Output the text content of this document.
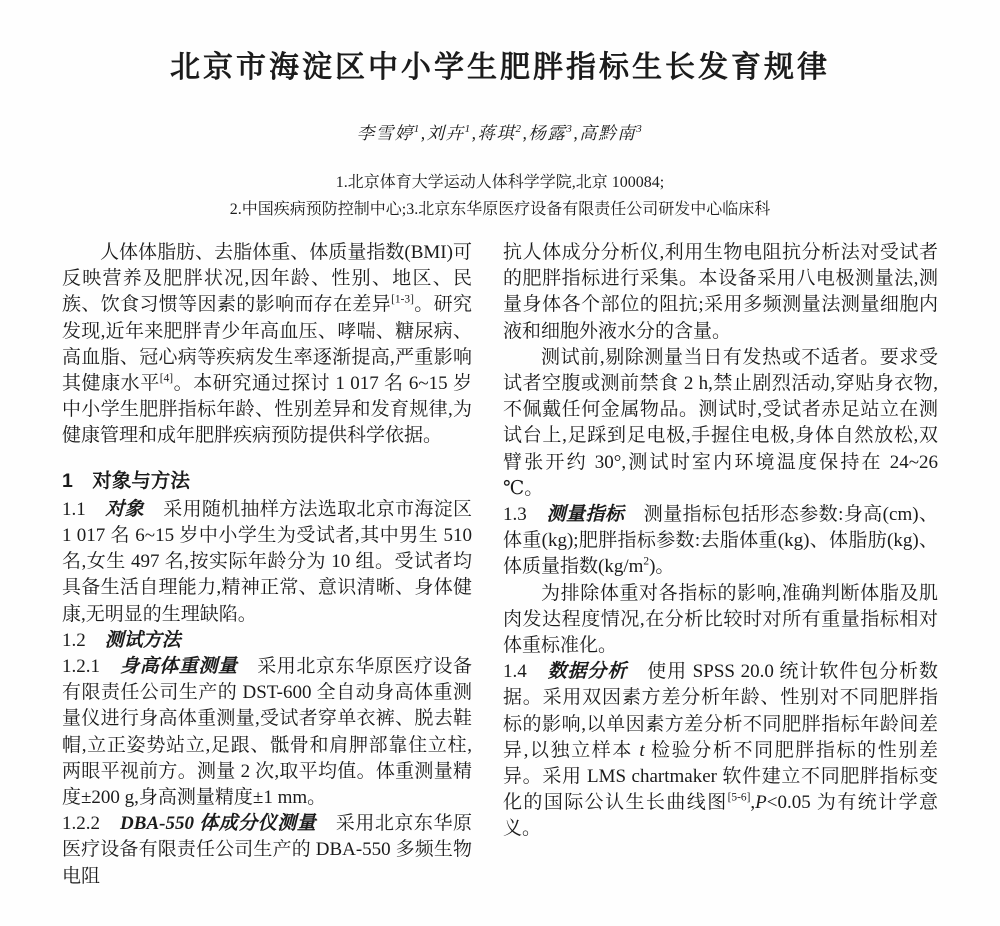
北京市海淀区中小学生肥胖指标生长发育规律
李雪婷$^1$,刘卉$^1$,蒋琪$^2$,杨露$^3$,高黔南$^3$
1.北京体育大学运动人体科学学院,北京 100084;
2.中国疾病预防控制中心;3.北京东华原医疗设备有限责任公司研发中心临床科
人体体脂肪、去脂体重、体质量指数(BMI)可反映营养及肥胖状况,因年龄、性别、地区、民族、饮食习惯等因素的影响而存在差异[1-3]。研究发现,近年来肥胖青少年高血压、哮喘、糖尿病、高血脂、冠心病等疾病发生率逐渐提高,严重影响其健康水平[4]。本研究通过探讨 1 017 名 6~15 岁中小学生肥胖指标年龄、性别差异和发育规律,为健康管理和成年肥胖疾病预防提供科学依据。
1　对象与方法
1.1　对象　采用随机抽样方法选取北京市海淀区 1 017 名 6~15 岁中小学生为受试者,其中男生 510 名,女生 497 名,按实际年龄分为 10 组。受试者均具备生活自理能力,精神正常、意识清晰、身体健康,无明显的生理缺陷。
1.2　测试方法
1.2.1　身高体重测量　采用北京东华原医疗设备有限责任公司生产的 DST-600 全自动身高体重测量仪进行身高体重测量,受试者穿单衣裤、脱去鞋帽,立正姿势站立,足跟、骶骨和肩胛部靠住立柱,两眼平视前方。测量 2 次,取平均值。体重测量精度±200 g,身高测量精度±1 mm。
1.2.2　DBA-550 体成分仪测量　采用北京东华原医疗设备有限责任公司生产的 DBA-550 多频生物电阻
抗人体成分分析仪,利用生物电阻抗分析法对受试者的肥胖指标进行采集。本设备采用八电极测量法,测量身体各个部位的阻抗;采用多频测量法测量细胞内液和细胞外液水分的含量。
测试前,剔除测量当日有发热或不适者。要求受试者空腹或测前禁食 2 h,禁止剧烈活动,穿贴身衣物,不佩戴任何金属物品。测试时,受试者赤足站立在测试台上,足踩到足电极,手握住电极,身体自然放松,双臂张开约 30°,测试时室内环境温度保持在 24~26 ℃。
1.3　测量指标　测量指标包括形态参数:身高(cm)、体重(kg);肥胖指标参数:去脂体重(kg)、体脂肪(kg)、体质量指数$(kg/m^2)$。
为排除体重对各指标的影响,准确判断体脂及肌肉发达程度情况,在分析比较时对所有重量指标相对体重标准化。
1.4　数据分析　使用 SPSS 20.0 统计软件包分析数据。采用双因素方差分析年龄、性别对不同肥胖指标的影响,以单因素方差分析不同肥胖指标年龄间差异,以独立样本 t 检验分析不同肥胖指标的性别差异。采用 LMS chartmaker 软件建立不同肥胖指标变化的国际公认生长曲线图[5-6],P<0.05 为有统计学意义。
